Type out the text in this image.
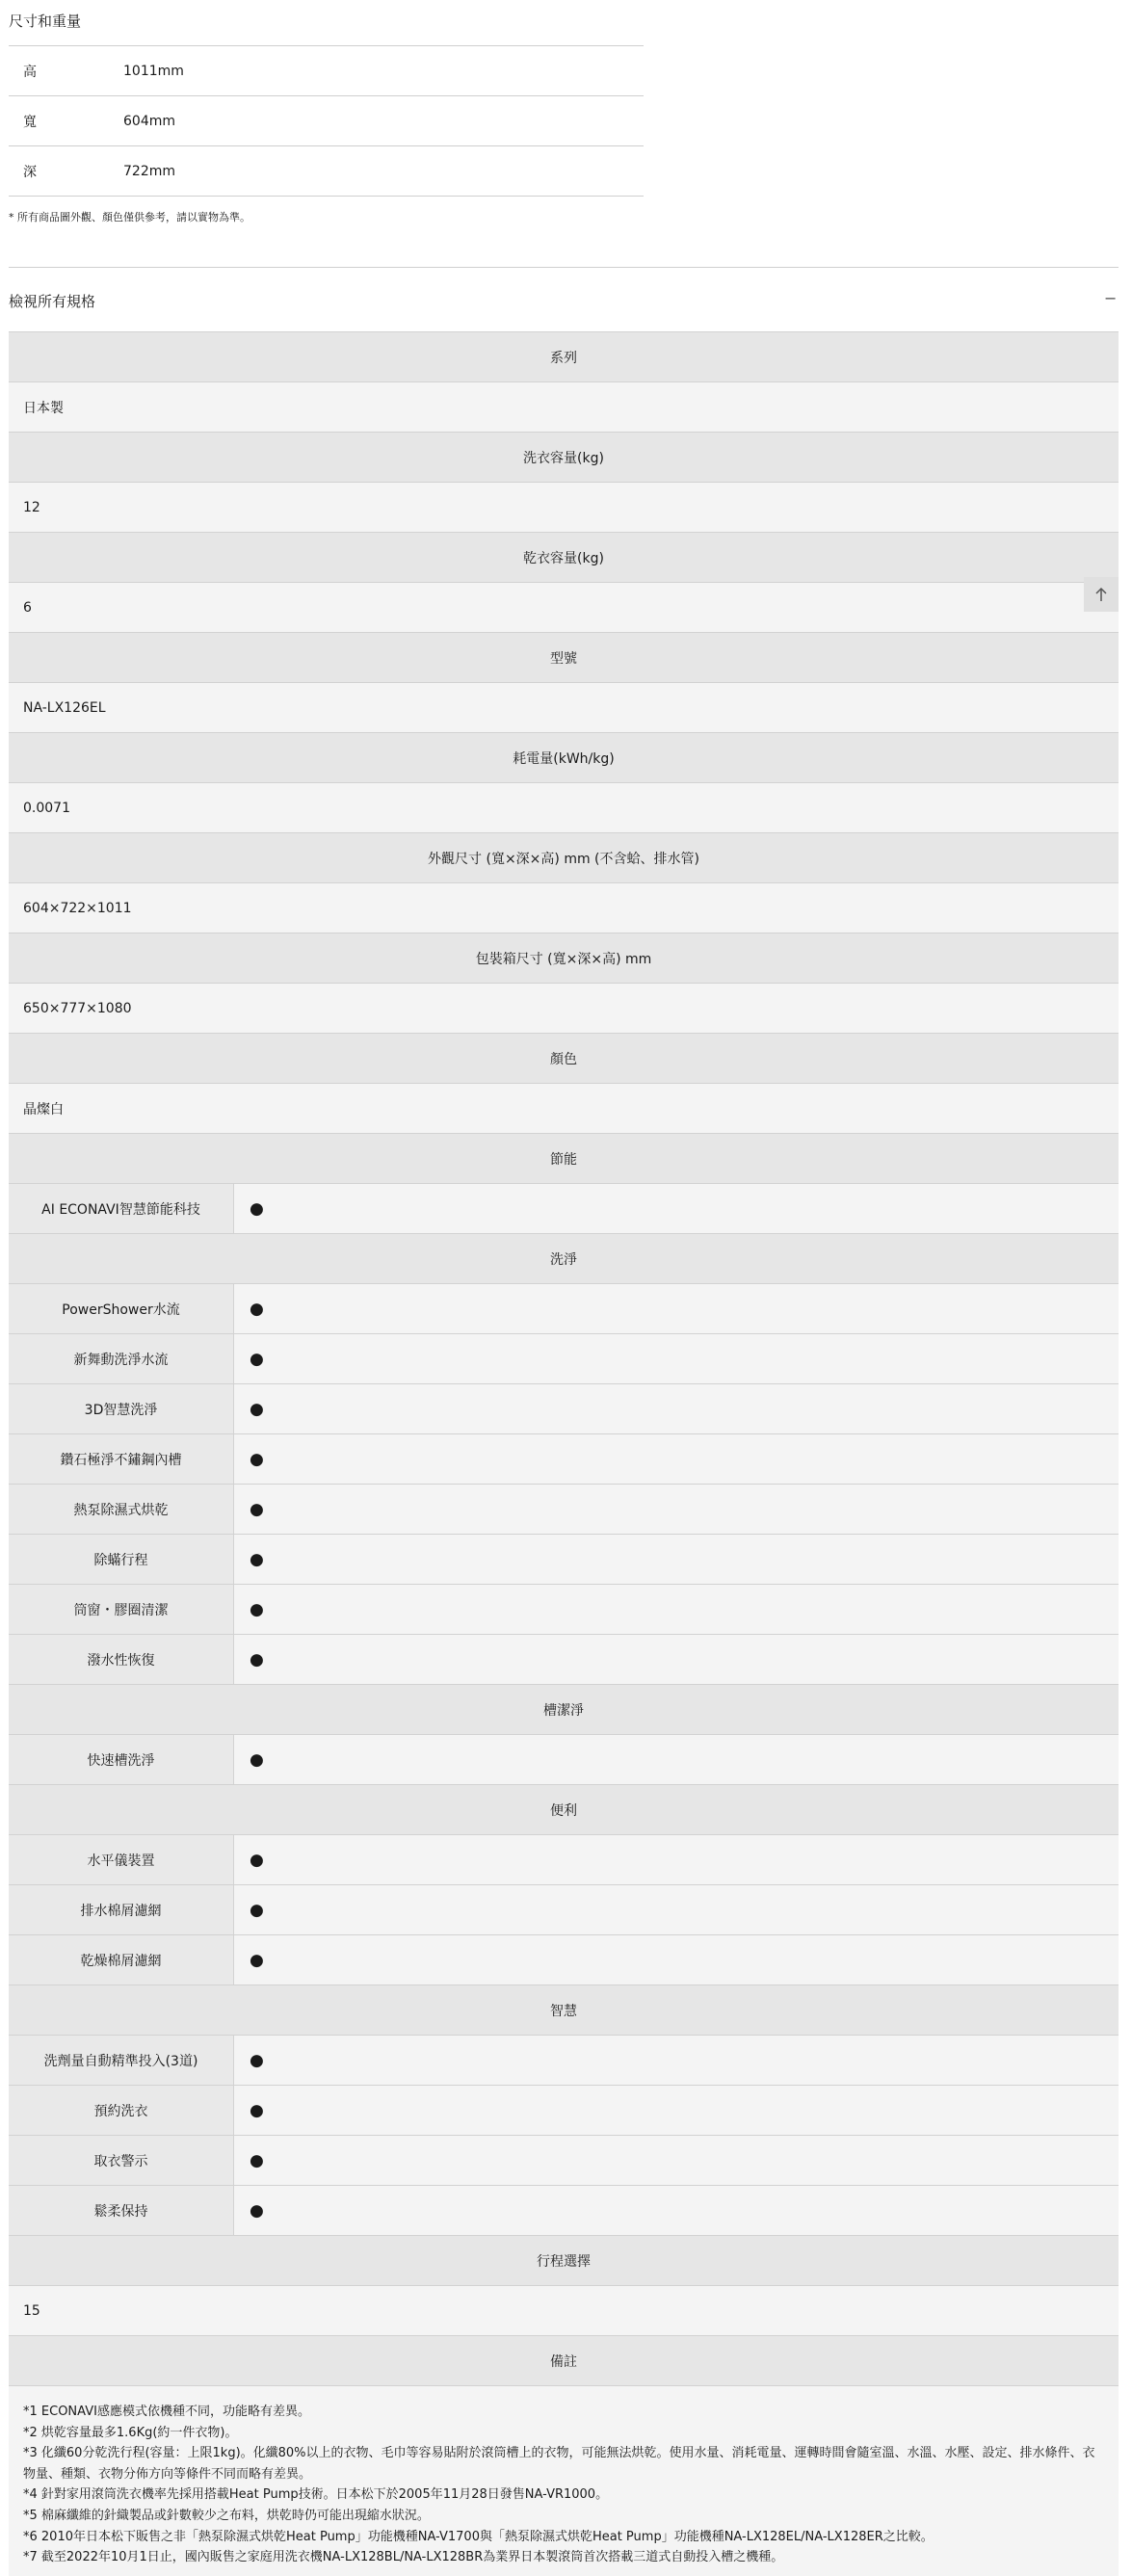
尺寸和重量
高	1011mm
寬	604mm
深	722mm
* 所有商品圖外觀、顏色僅供參考，請以實物為準。
檢視所有規格	−
系列
日本製
洗衣容量(kg)
12
乾衣容量(kg)
6
型號
NA-LX126EL
耗電量(kWh/kg)
0.0071
外觀尺寸 (寬×深×高) mm (不含蛤、排水管)
604×722×1011
包裝箱尺寸 (寬×深×高) mm
650×777×1080
顏色
晶燦白
節能
AI ECONAVI智慧節能科技	●
洗淨
PowerShower水流	●
新舞動洗淨水流	●
3D智慧洗淨	●
鑽石極淨不鏽鋼內槽	●
熱泵除濕式烘乾	●
除蟎行程	●
筒窗・膠圈清潔	●
潑水性恢復	●
槽潔淨
快速槽洗淨	●
便利
水平儀裝置	●
排水棉屑濾網	●
乾燥棉屑濾網	●
智慧
洗劑量自動精準投入(3道)	●
預約洗衣	●
取衣警示	●
鬆柔保持	●
行程選擇
15
備註
*1 ECONAVI感應模式依機種不同，功能略有差異。
*2 烘乾容量最多1.6Kg(約一件衣物)。
*3 化纖60分乾洗行程(容量：上限1kg)。化纖80%以上的衣物、毛巾等容易貼附於滾筒槽上的衣物，可能無法烘乾。使用水量、消耗電量、運轉時間會隨室溫、水溫、水壓、設定、排水條件、衣物量、種類、衣物分佈方向等條件不同而略有差異。
*4 針對家用滾筒洗衣機率先採用搭載Heat Pump技術。日本松下於2005年11月28日發售NA-VR1000。
*5 棉麻纖維的針織製品或針數較少之布料，烘乾時仍可能出現縮水狀況。
*6 2010年日本松下販售之非「熱泵除濕式烘乾Heat Pump」功能機種NA-V1700與「熱泵除濕式烘乾Heat Pump」功能機種NA-LX128EL/NA-LX128ER之比較。
*7 截至2022年10月1日止，國內販售之家庭用洗衣機NA-LX128BL/NA-LX128BR為業界日本製滾筒首次搭載三道式自動投入槽之機種。
